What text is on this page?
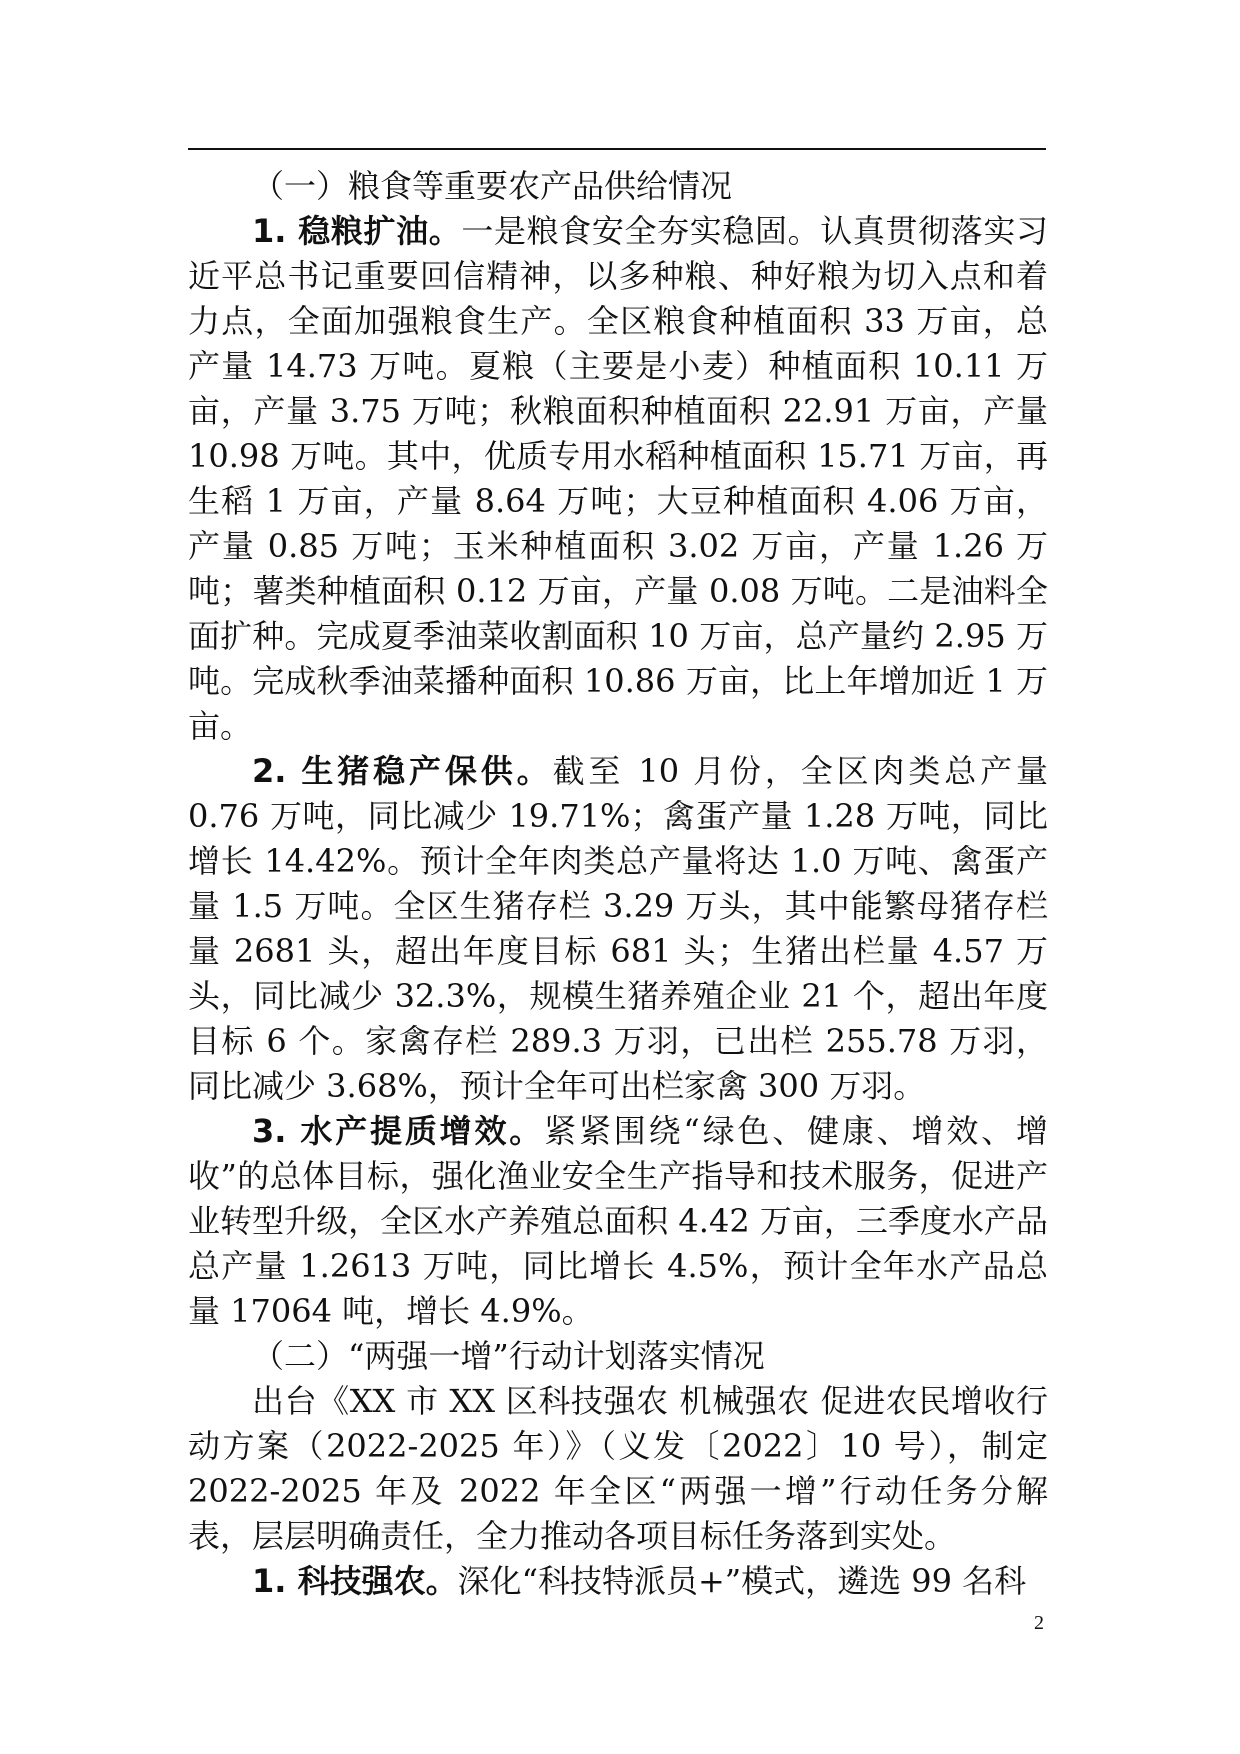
（一）粮食等重要农产品供给情况

1. 稳粮扩油。一是粮食安全夯实稳固。认真贯彻落实习近平总书记重要回信精神，以多种粮、种好粮为切入点和着力点，全面加强粮食生产。全区粮食种植面积 33 万亩，总产量 14.73 万吨。夏粮（主要是小麦）种植面积 10.11 万亩，产量 3.75 万吨；秋粮面积种植面积 22.91 万亩，产量 10.98 万吨。其中，优质专用水稻种植面积 15.71 万亩，再生稻 1 万亩，产量 8.64 万吨；大豆种植面积 4.06 万亩，产量 0.85 万吨；玉米种植面积 3.02 万亩，产量 1.26 万吨；薯类种植面积 0.12 万亩，产量 0.08 万吨。二是油料全面扩种。完成夏季油菜收割面积 10 万亩，总产量约 2.95 万吨。完成秋季油菜播种面积 10.86 万亩，比上年增加近 1 万亩。

2. 生猪稳产保供。截至 10 月份，全区肉类总产量 0.76 万吨，同比减少 19.71%；禽蛋产量 1.28 万吨，同比增长 14.42%。预计全年肉类总产量将达 1.0 万吨、禽蛋产量 1.5 万吨。全区生猪存栏 3.29 万头，其中能繁母猪存栏量 2681 头，超出年度目标 681 头；生猪出栏量 4.57 万头，同比减少 32.3%，规模生猪养殖企业 21 个，超出年度目标 6 个。家禽存栏 289.3 万羽，已出栏 255.78 万羽，同比减少 3.68%，预计全年可出栏家禽 300 万羽。

3. 水产提质增效。紧紧围绕“绿色、健康、增效、增收”的总体目标，强化渔业安全生产指导和技术服务，促进产业转型升级，全区水产养殖总面积 4.42 万亩，三季度水产品总产量 1.2613 万吨，同比增长 4.5%，预计全年水产品总量 17064 吨，增长 4.9%。

（二）“两强一增”行动计划落实情况

出台《XX 市 XX 区科技强农 机械强农 促进农民增收行动方案（2022-2025 年）》（义发〔2022〕10 号），制定 2022-2025 年及 2022 年全区“两强一增”行动任务分解表，层层明确责任，全力推动各项目标任务落到实处。

1. 科技强农。深化“科技特派员+”模式，遴选 99 名科

2
